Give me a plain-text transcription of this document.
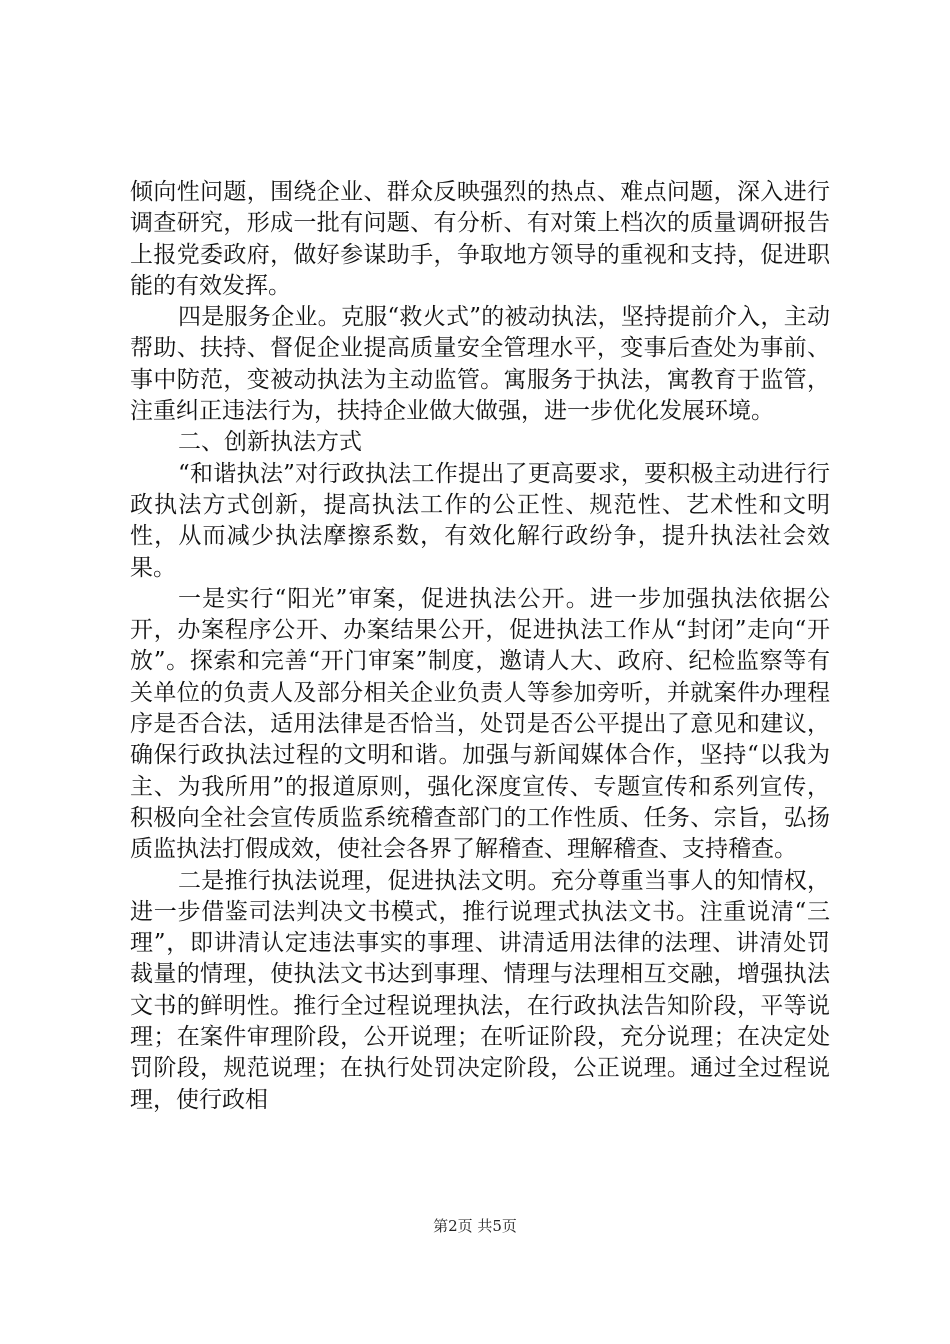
倾向性问题，围绕企业、群众反映强烈的热点、难点问题，深入进行调查研究，形成一批有问题、有分析、有对策上档次的质量调研报告上报党委政府，做好参谋助手，争取地方领导的重视和支持，促进职能的有效发挥。

四是服务企业。克服“救火式”的被动执法，坚持提前介入，主动帮助、扶持、督促企业提高质量安全管理水平，变事后查处为事前、事中防范，变被动执法为主动监管。寓服务于执法，寓教育于监管，注重纠正违法行为，扶持企业做大做强，进一步优化发展环境。

二、创新执法方式

“和谐执法”对行政执法工作提出了更高要求，要积极主动进行行政执法方式创新，提高执法工作的公正性、规范性、艺术性和文明性，从而减少执法摩擦系数，有效化解行政纷争，提升执法社会效果。

一是实行“阳光”审案，促进执法公开。进一步加强执法依据公开，办案程序公开、办案结果公开，促进执法工作从“封闭”走向“开放”。探索和完善“开门审案”制度，邀请人大、政府、纪检监察等有关单位的负责人及部分相关企业负责人等参加旁听，并就案件办理程序是否合法，适用法律是否恰当，处罚是否公平提出了意见和建议，确保行政执法过程的文明和谐。加强与新闻媒体合作，坚持“以我为主、为我所用”的报道原则，强化深度宣传、专题宣传和系列宣传，积极向全社会宣传质监系统稽查部门的工作性质、任务、宗旨，弘扬质监执法打假成效，使社会各界了解稽查、理解稽查、支持稽查。

二是推行执法说理，促进执法文明。充分尊重当事人的知情权，进一步借鉴司法判决文书模式，推行说理式执法文书。注重说清“三理”，即讲清认定违法事实的事理、讲清适用法律的法理、讲清处罚裁量的情理，使执法文书达到事理、情理与法理相互交融，增强执法文书的鲜明性。推行全过程说理执法，在行政执法告知阶段，平等说理；在案件审理阶段，公开说理；在听证阶段，充分说理；在决定处罚阶段，规范说理；在执行处罚决定阶段，公正说理。通过全过程说理，使行政相

第2页 共5页
